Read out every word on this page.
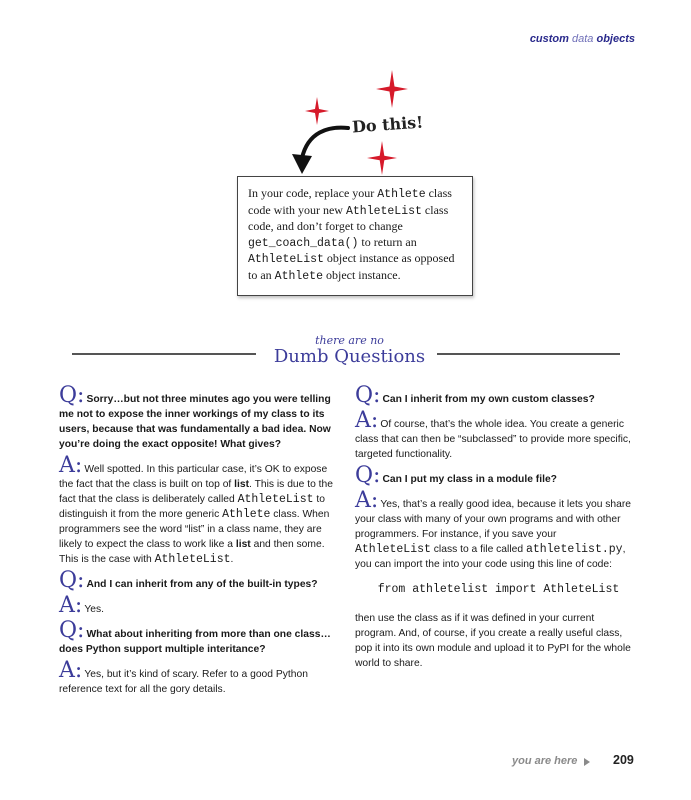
custom data objects
Do this!
In your code, replace your Athlete class code with your new AthleteList class code, and don’t forget to change get_coach_data() to return an AthleteList object instance as opposed to an Athlete object instance.
there are no
Dumb Questions
Q: Sorry…but not three minutes ago you were telling me not to expose the inner workings of my class to its users, because that was fundamentally a bad idea. Now you’re doing the exact opposite! What gives?
A: Well spotted. In this particular case, it’s OK to expose the fact that the class is built on top of list. This is due to the fact that the class is deliberately called AthleteList to distinguish it from the more generic Athlete class. When programmers see the word “list” in a class name, they are likely to expect the class to work like a list and then some. This is the case with AthleteList.
Q: And I can inherit from any of the built-in types?
A: Yes.
Q: What about inheriting from more than one class…does Python support multiple interitance?
A: Yes, but it’s kind of scary. Refer to a good Python reference text for all the gory details.
Q: Can I inherit from my own custom classes?
A: Of course, that’s the whole idea. You create a generic class that can then be “subclassed” to provide more specific, targeted functionality.
Q: Can I put my class in a module file?
A: Yes, that’s a really good idea, because it lets you share your class with many of your own programs and with other programmers. For instance, if you save your AthleteList class to a file called athletelist.py, you can import the into your code using this line of code:
from athletelist import AthleteList
then use the class as if it was defined in your current program. And, of course, if you create a really useful class, pop it into its own module and upload it to PyPI for the whole world to share.
you are here	209
